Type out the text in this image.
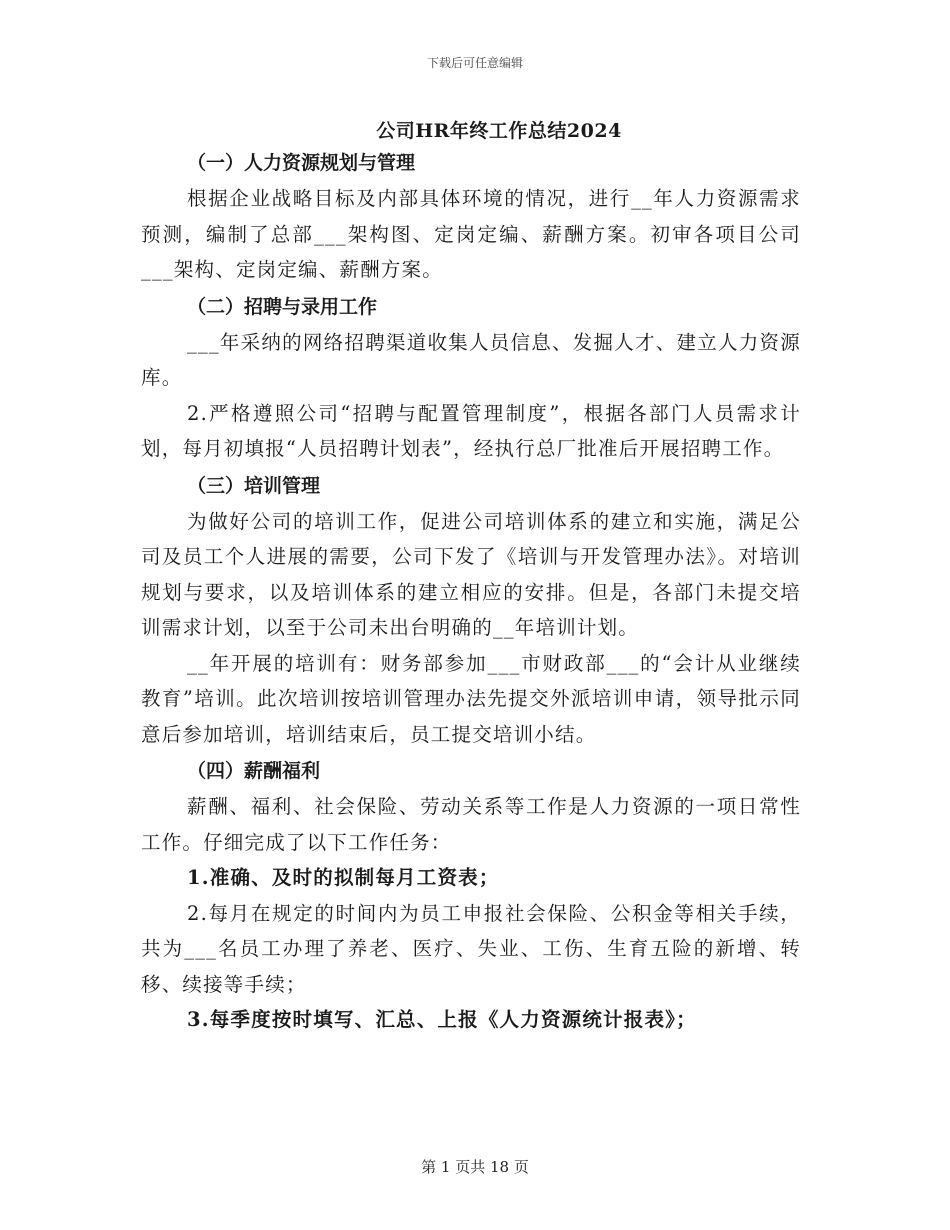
下载后可任意编辑
公司HR年终工作总结2024
（一）人力资源规划与管理

根据企业战略目标及内部具体环境的情况，进行__年人力资源需求预测，编制了总部___架构图、定岗定编、薪酬方案。初审各项目公司___架构、定岗定编、薪酬方案。

（二）招聘与录用工作

___年采纳的网络招聘渠道收集人员信息、发掘人才、建立人力资源库。

2.严格遵照公司“招聘与配置管理制度”，根据各部门人员需求计划，每月初填报“人员招聘计划表”，经执行总厂批准后开展招聘工作。

（三）培训管理

为做好公司的培训工作，促进公司培训体系的建立和实施，满足公司及员工个人进展的需要，公司下发了《培训与开发管理办法》。对培训规划与要求，以及培训体系的建立相应的安排。但是，各部门未提交培训需求计划，以至于公司未出台明确的__年培训计划。

__年开展的培训有：财务部参加___市财政部___的“会计从业继续教育”培训。此次培训按培训管理办法先提交外派培训申请，领导批示同意后参加培训，培训结束后，员工提交培训小结。

（四）薪酬福利

薪酬、福利、社会保险、劳动关系等工作是人力资源的一项日常性工作。仔细完成了以下工作任务：

1.准确、及时的拟制每月工资表；

2.每月在规定的时间内为员工申报社会保险、公积金等相关手续，共为___名员工办理了养老、医疗、失业、工伤、生育五险的新增、转移、续接等手续；

3.每季度按时填写、汇总、上报《人力资源统计报表》；

第 1 页共 18 页
